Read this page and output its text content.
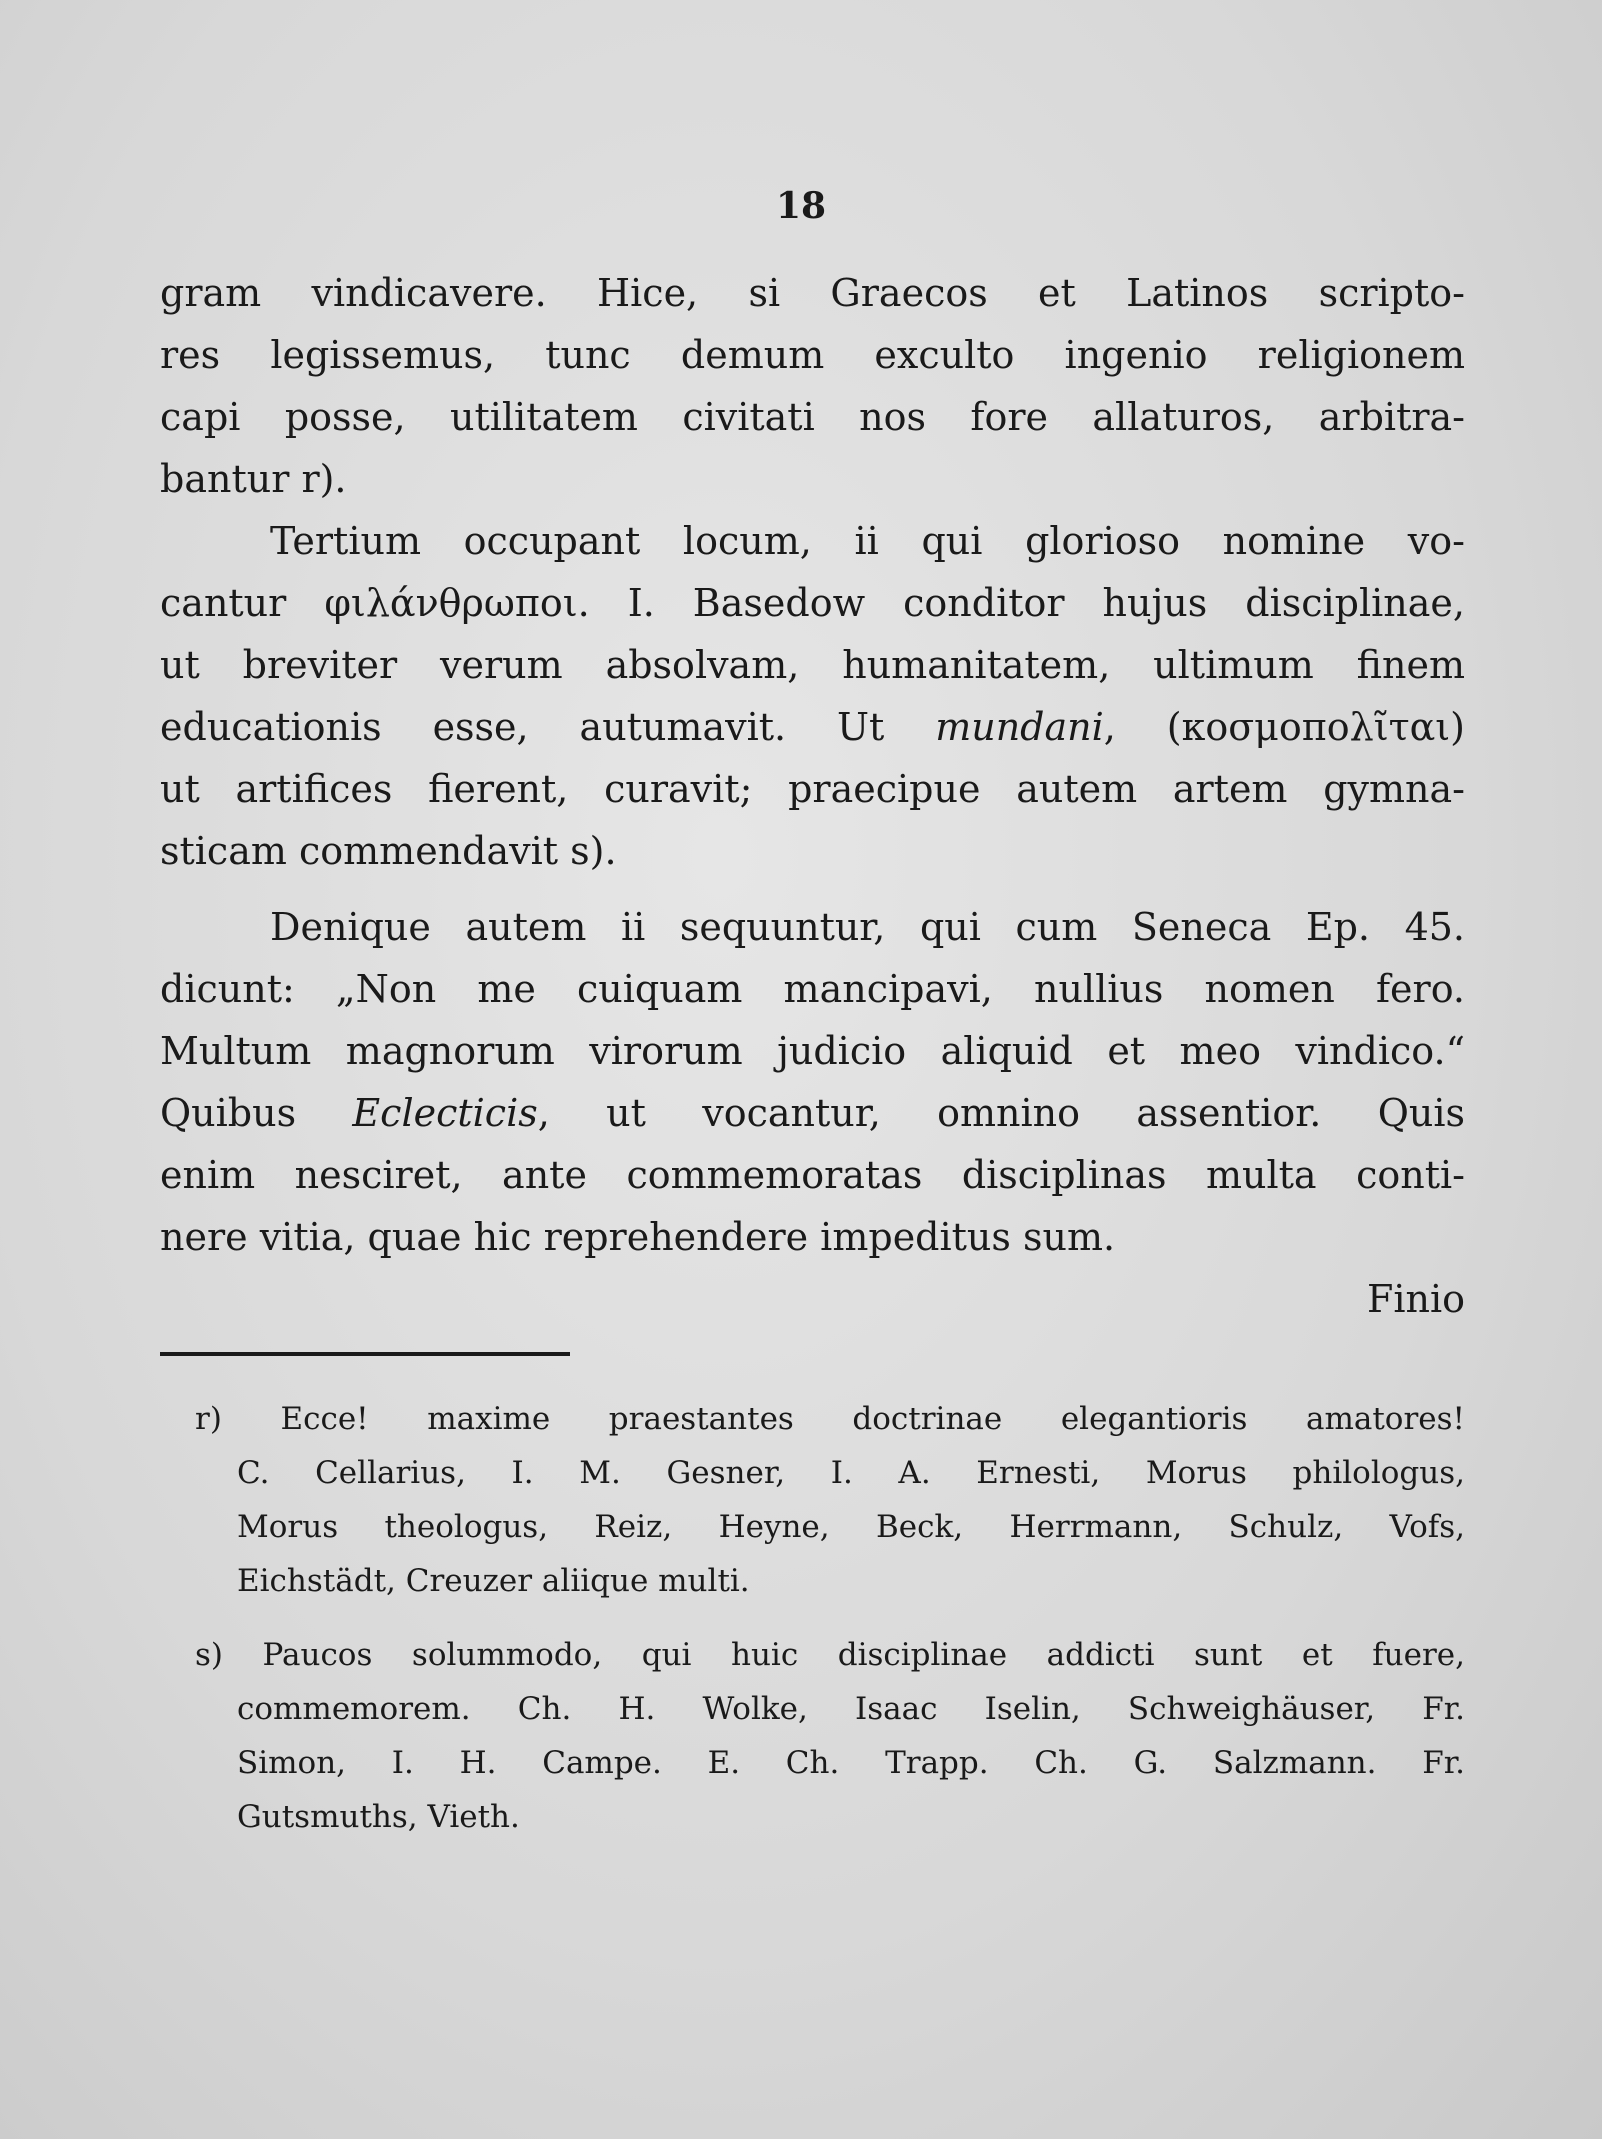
18
gram vindicavere. Hice, si Graecos et Latinos scripto-
res legissemus, tunc demum exculto ingenio religionem
capi posse, utilitatem civitati nos fore allaturos, arbitra-
bantur r).
Tertium occupant locum, ii qui glorioso nomine vo-
cantur φιλάνθρωποι. I. Basedow conditor hujus disciplinae,
ut breviter verum absolvam, humanitatem, ultimum finem
educationis esse, autumavit. Ut mundani, (κοσμοπολῖται)
ut artifices fierent, curavit; praecipue autem artem gymna-
sticam commendavit s).
Denique autem ii sequuntur, qui cum Seneca Ep. 45.
dicunt: „Non me cuiquam mancipavi, nullius nomen fero.
Multum magnorum virorum judicio aliquid et meo vindico.“
Quibus Eclecticis, ut vocantur, omnino assentior. Quis
enim nesciret, ante commemoratas disciplinas multa conti-
nere vitia, quae hic reprehendere impeditus sum.
Finio
r) Ecce! maxime praestantes doctrinae elegantioris amatores!
C. Cellarius, I. M. Gesner, I. A. Ernesti, Morus philologus,
Morus theologus, Reiz, Heyne, Beck, Herrmann, Schulz, Vofs,
Eichstädt, Creuzer aliique multi.
s) Paucos solummodo, qui huic disciplinae addicti sunt et fuere,
commemorem. Ch. H. Wolke, Isaac Iselin, Schweighäuser, Fr.
Simon, I. H. Campe. E. Ch. Trapp. Ch. G. Salzmann. Fr.
Gutsmuths, Vieth.
